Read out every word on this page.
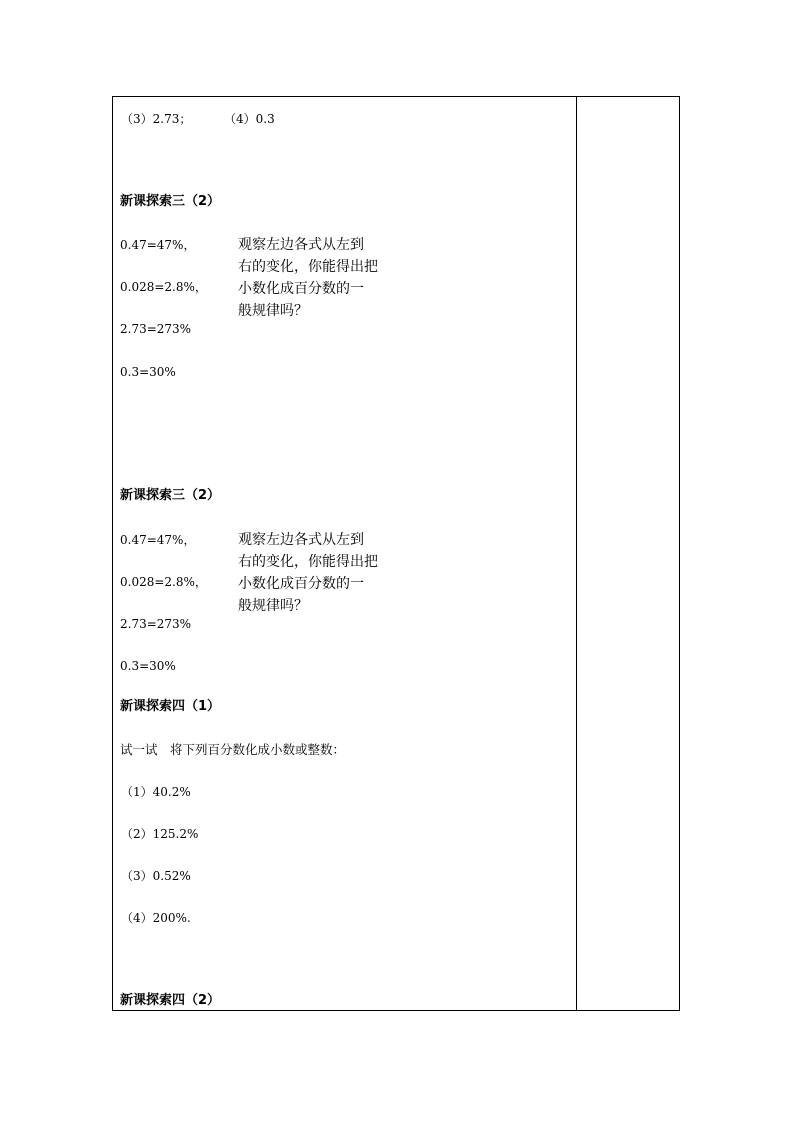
（3）2.73；	（4）0.3
新课探索三（2）
0.47=47%，
0.028=2.8%，
2.73=273%
0.3=30%
观察左边各式从左到
右的变化，你能得出把
小数化成百分数的一
般规律吗？
新课探索三（2）
0.47=47%，
0.028=2.8%，
2.73=273%
0.3=30%
观察左边各式从左到
右的变化，你能得出把
小数化成百分数的一
般规律吗？
新课探索四（1）
试一试　将下列百分数化成小数或整数：
（1）40.2%
（2）125.2%
（3）0.52%
（4）200%.
新课探索四（2）
